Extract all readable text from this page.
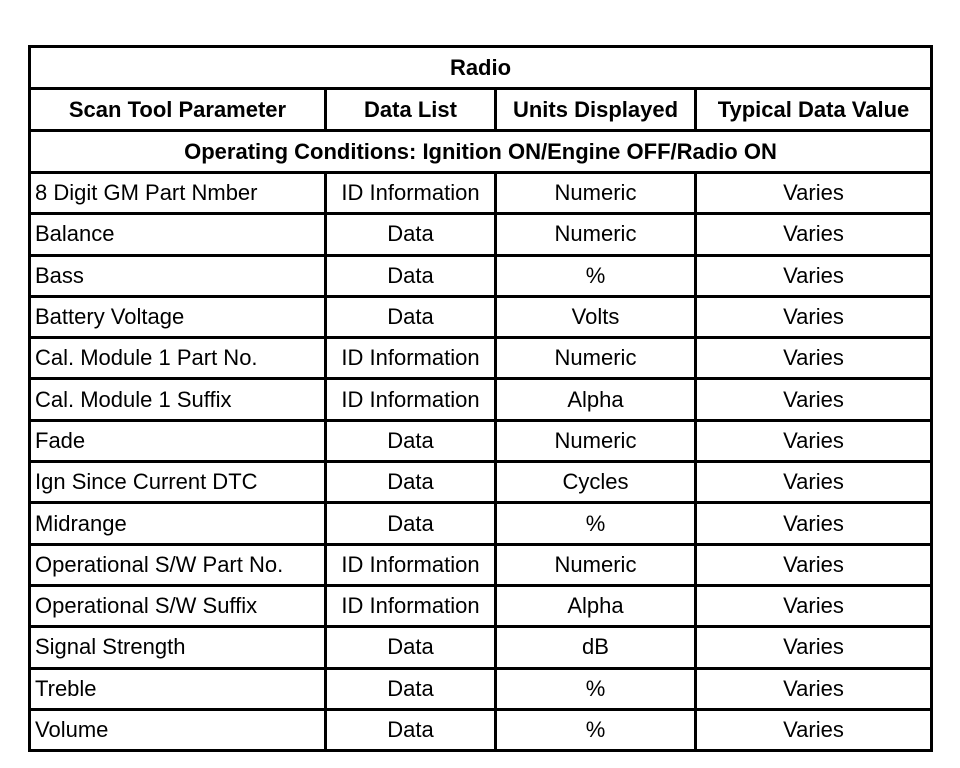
Radio			
Scan Tool Parameter	Data List	Units Displayed	Typical Data Value
Operating Conditions: Ignition ON/Engine OFF/Radio ON			
8 Digit GM Part Nmber	ID Information	Numeric	Varies
Balance	Data	Numeric	Varies
Bass	Data	%	Varies
Battery Voltage	Data	Volts	Varies
Cal. Module 1 Part No.	ID Information	Numeric	Varies
Cal. Module 1 Suffix	ID Information	Alpha	Varies
Fade	Data	Numeric	Varies
Ign Since Current DTC	Data	Cycles	Varies
Midrange	Data	%	Varies
Operational S/W Part No.	ID Information	Numeric	Varies
Operational S/W Suffix	ID Information	Alpha	Varies
Signal Strength	Data	dB	Varies
Treble	Data	%	Varies
Volume	Data	%	Varies
